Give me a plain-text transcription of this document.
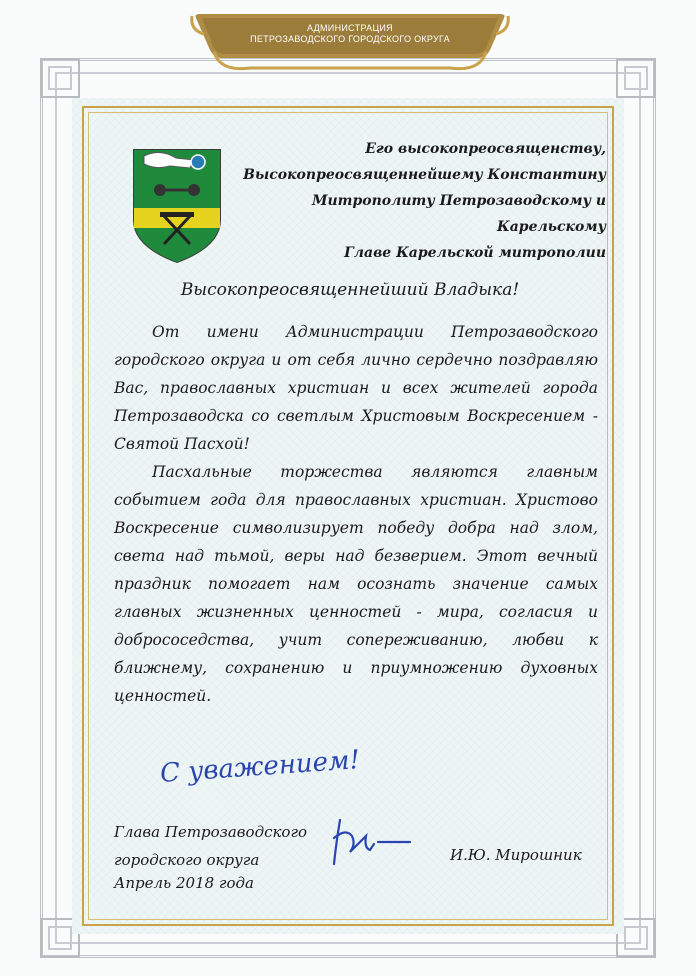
АДМИНИСТРАЦИЯ
ПЕТРОЗАВОДСКОГО ГОРОДСКОГО ОКРУГА
Его высокопреосвященству,
Высокопреосвященнейшему Константину
Митрополиту Петрозаводскому и Карельскому
Главе Карельской митрополии
Высокопреосвященнейший Владыка!

От имени Администрации Петрозаводского городского округа и от себя лично сердечно поздравляю Вас, православных христиан и всех жителей города Петрозаводска со светлым Христовым Воскресением - Святой Пасхой!

Пасхальные торжества являются главным событием года для православных христиан. Христово Воскресение символизирует победу добра над злом, света над тьмой, веры над безверием. Этот вечный праздник помогает нам осознать значение самых главных жизненных ценностей - мира, согласия и добрососедства, учит сопереживанию, любви к ближнему, сохранению и приумножению духовных ценностей.

С уважением!
Глава Петрозаводского
городского округа	И.Ю. Мирошник
Апрель 2018 года
